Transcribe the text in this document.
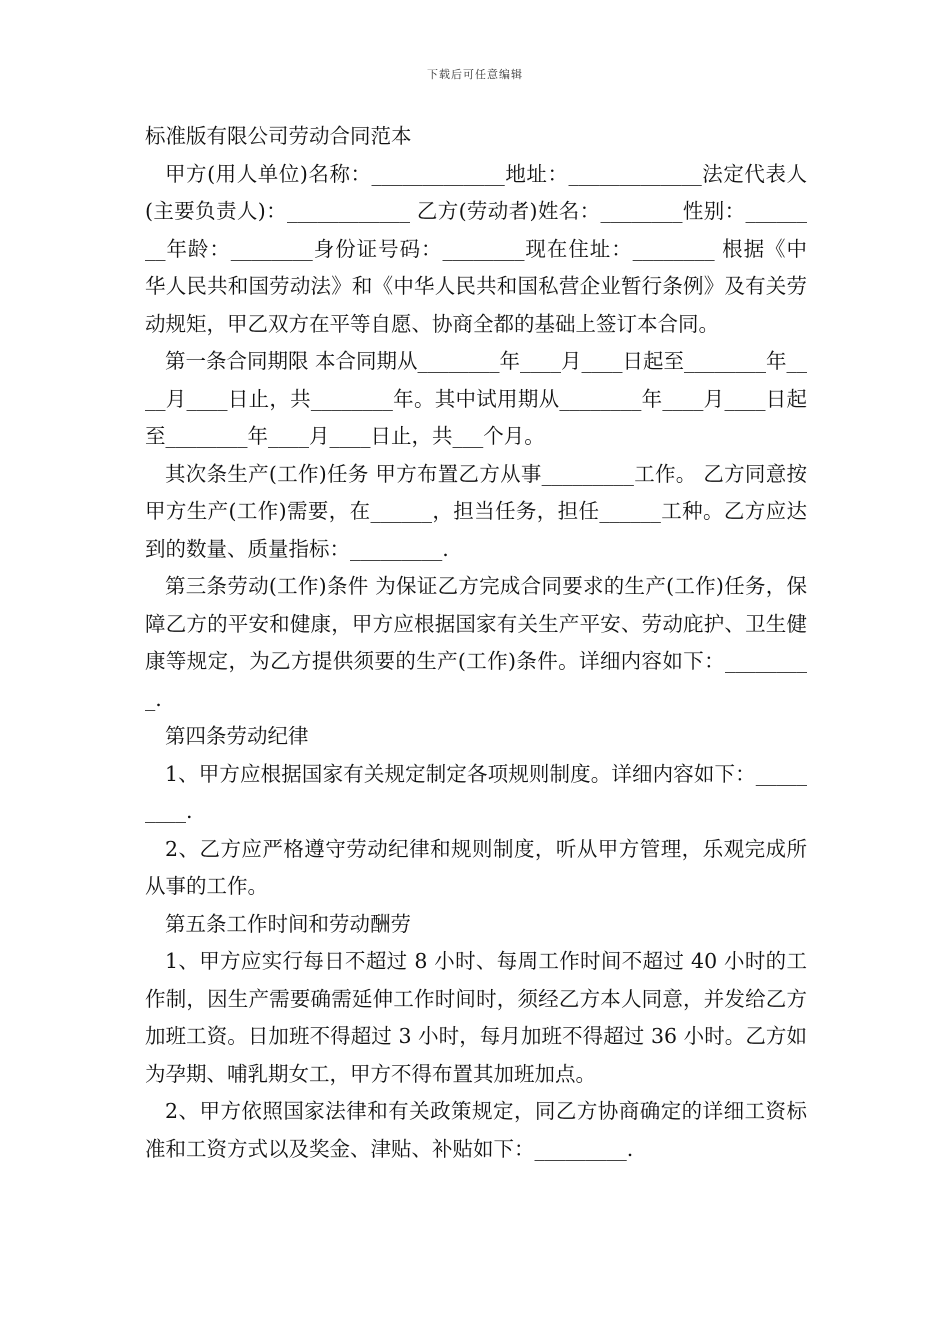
下载后可任意编辑

标准版有限公司劳动合同范本

甲方(用人单位)名称：_____________地址：_____________法定代表人(主要负责人)：____________ 乙方(劳动者)姓名：________性别：________年龄：________身份证号码：________现在住址：________ 根据《中华人民共和国劳动法》和《中华人民共和国私营企业暂行条例》及有关劳动规矩，甲乙双方在平等自愿、协商全都的基础上签订本合同。

第一条合同期限 本合同期从________年____月____日起至________年____月____日止，共________年。其中试用期从________年____月____日起至________年____月____日止，共___个月。

其次条生产(工作)任务 甲方布置乙方从事_________工作。 乙方同意按甲方生产(工作)需要，在______，担当任务，担任______工种。乙方应达到的数量、质量指标：_________.

第三条劳动(工作)条件 为保证乙方完成合同要求的生产(工作)任务，保障乙方的平安和健康，甲方应根据国家有关生产平安、劳动庇护、卫生健康等规定，为乙方提供须要的生产(工作)条件。详细内容如下：_________.

第四条劳动纪律

1、甲方应根据国家有关规定制定各项规则制度。详细内容如下：_________.

2、乙方应严格遵守劳动纪律和规则制度，听从甲方管理，乐观完成所从事的工作。

第五条工作时间和劳动酬劳

1、甲方应实行每日不超过 8 小时、每周工作时间不超过 40 小时的工作制，因生产需要确需延伸工作时间时，须经乙方本人同意，并发给乙方加班工资。日加班不得超过 3 小时，每月加班不得超过 36 小时。乙方如为孕期、哺乳期女工，甲方不得布置其加班加点。

2、甲方依照国家法律和有关政策规定，同乙方协商确定的详细工资标准和工资方式以及奖金、津贴、补贴如下：_________.
